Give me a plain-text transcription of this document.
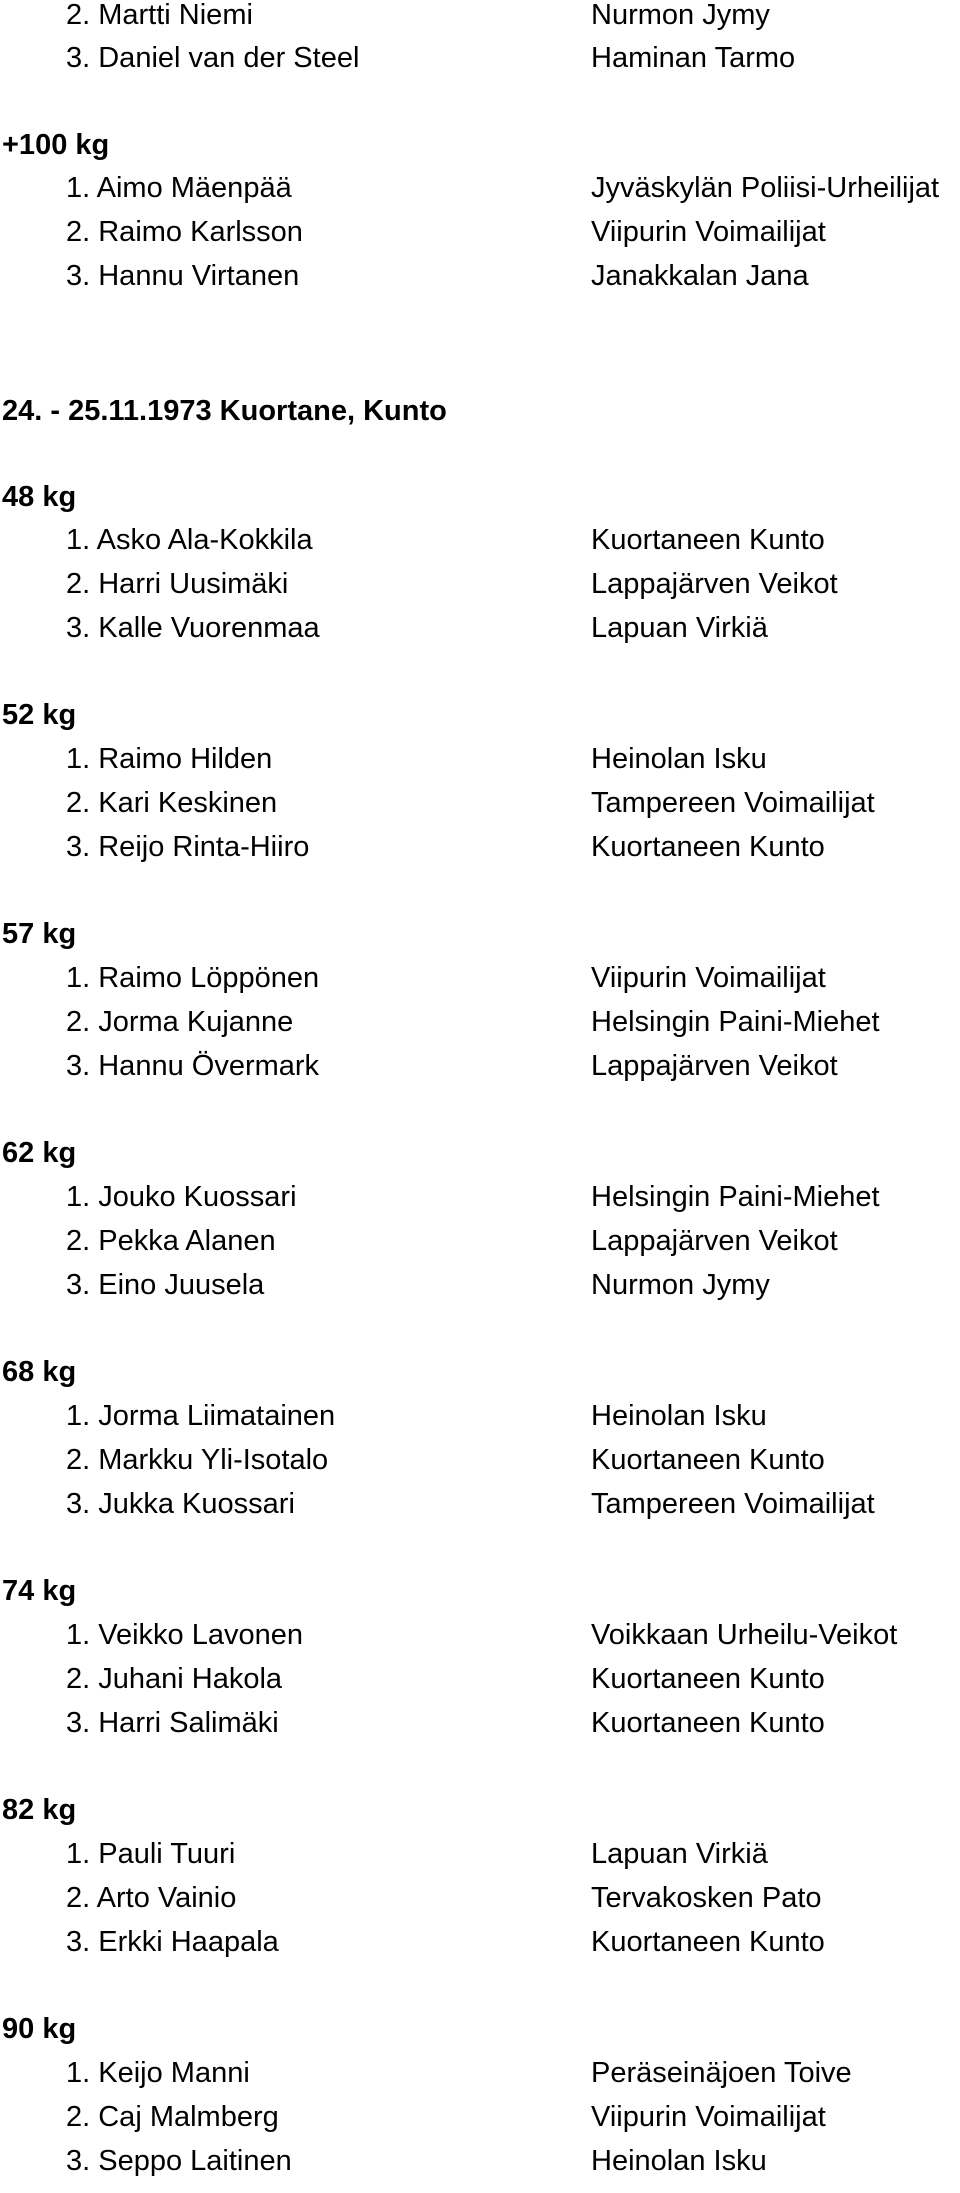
2. Martti Niemi	Nurmon Jymy
3. Daniel van der Steel	Haminan Tarmo
+100 kg
1. Aimo Mäenpää	Jyväskylän Poliisi-Urheilijat
2. Raimo Karlsson	Viipurin Voimailijat
3. Hannu Virtanen	Janakkalan Jana
24. - 25.11.1973 Kuortane, Kunto
48 kg
1. Asko Ala-Kokkila	Kuortaneen Kunto
2. Harri Uusimäki	Lappajärven Veikot
3. Kalle Vuorenmaa	Lapuan Virkiä
52 kg
1. Raimo Hilden	Heinolan Isku
2. Kari Keskinen	Tampereen Voimailijat
3. Reijo Rinta-Hiiro	Kuortaneen Kunto
57 kg
1. Raimo Löppönen	Viipurin Voimailijat
2. Jorma Kujanne	Helsingin Paini-Miehet
3. Hannu Övermark	Lappajärven Veikot
62 kg
1. Jouko Kuossari	Helsingin Paini-Miehet
2. Pekka Alanen	Lappajärven Veikot
3. Eino Juusela	Nurmon Jymy
68 kg
1. Jorma Liimatainen	Heinolan Isku
2. Markku Yli-Isotalo	Kuortaneen Kunto
3. Jukka Kuossari	Tampereen Voimailijat
74 kg
1. Veikko Lavonen	Voikkaan Urheilu-Veikot
2. Juhani Hakola	Kuortaneen Kunto
3. Harri Salimäki	Kuortaneen Kunto
82 kg
1. Pauli Tuuri	Lapuan Virkiä
2. Arto Vainio	Tervakosken Pato
3. Erkki Haapala	Kuortaneen Kunto
90 kg
1. Keijo Manni	Peräseinäjoen Toive
2. Caj Malmberg	Viipurin Voimailijat
3. Seppo Laitinen	Heinolan Isku
